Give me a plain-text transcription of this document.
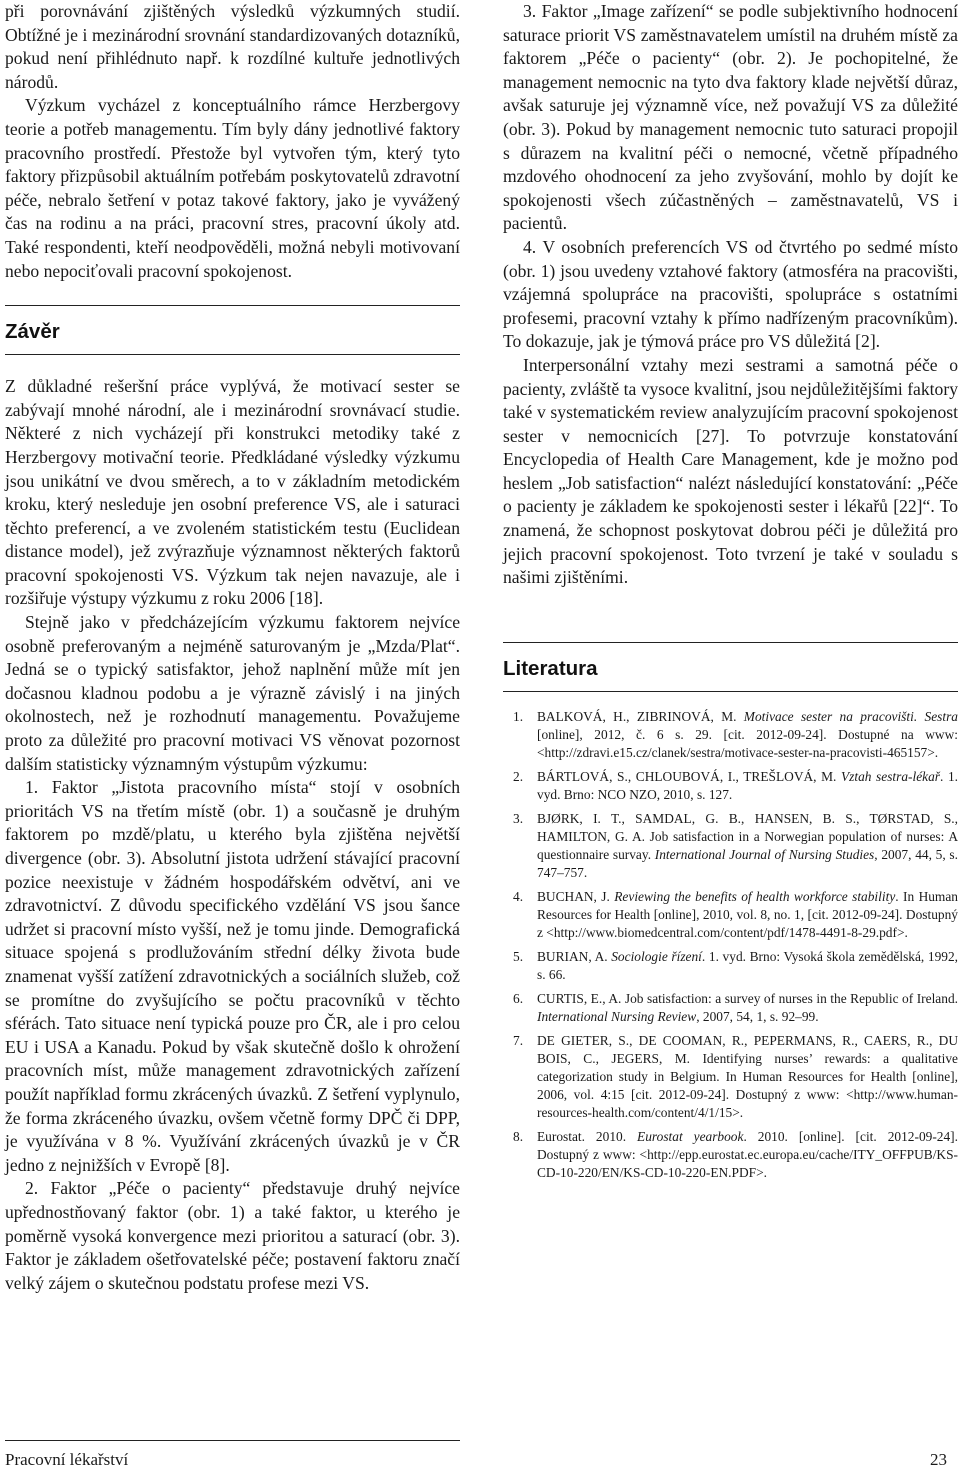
při porovnávání zjištěných výsledků výzkumných studií. Obtížné je i mezinárodní srovnání standardizovaných dotazníků, pokud není přihlédnuto např. k rozdílné kultuře jednotlivých národů.

Výzkum vycházel z konceptuálního rámce Herzbergovy teorie a potřeb managementu. Tím byly dány jednotlivé faktory pracovního prostředí. Přestože byl vytvořen tým, který tyto faktory přizpůsobil aktuálním potřebám poskytovatelů zdravotní péče, nebralo šetření v potaz takové faktory, jako je vyvážený čas na rodinu a na práci, pracovní stres, pracovní úkoly atd. Také respondenti, kteří neodpověděli, možná nebyli motivovaní nebo nepociťovali pracovní spokojenost.

Závěr

Z důkladné rešeršní práce vyplývá, že motivací sester se zabývají mnohé národní, ale i mezinárodní srovnávací studie. Některé z nich vycházejí při konstrukci metodiky také z Herzbergovy motivační teorie. Předkládané výsledky výzkumu jsou unikátní ve dvou směrech, a to v základním metodickém kroku, který nesleduje jen osobní preference VS, ale i saturaci těchto preferencí, a ve zvoleném statistickém testu (Euclidean distance model), jež zvýrazňuje významnost některých faktorů pracovní spokojenosti VS. Výzkum tak nejen navazuje, ale i rozšiřuje výstupy výzkumu z roku 2006 [18].

Stejně jako v předcházejícím výzkumu faktorem nejvíce osobně preferovaným a nejméně saturovaným je „Mzda/Plat“. Jedná se o typický satisfaktor, jehož naplnění může mít jen dočasnou kladnou podobu a je výrazně závislý i na jiných okolnostech, než je rozhodnutí managementu. Považujeme proto za důležité pro pracovní motivaci VS věnovat pozornost dalším statisticky významným výstupům výzkumu:

1. Faktor „Jistota pracovního místa“ stojí v osobních prioritách VS na třetím místě (obr. 1) a současně je druhým faktorem po mzdě/platu, u kterého byla zjištěna největší divergence (obr. 3). Absolutní jistota udržení stávající pracovní pozice neexistuje v žádném hospodářském odvětví, ani ve zdravotnictví. Z důvodu specifického vzdělání VS jsou šance udržet si pracovní místo vyšší, než je tomu jinde. Demografická situace spojená s prodlužováním střední délky života bude znamenat vyšší zatížení zdravotnických a sociálních služeb, což se promítne do zvyšujícího se počtu pracovníků v těchto sférách. Tato situace není typická pouze pro ČR, ale i pro celou EU i USA a Kanadu. Pokud by však skutečně došlo k ohrožení pracovních míst, může management zdravotnických zařízení použít například formu zkrácených úvazků. Z šetření vyplynulo, že forma zkráceného úvazku, ovšem včetně formy DPČ či DPP, je využívána v 8 %. Využívání zkrácených úvazků je v ČR jedno z nejnižších v Evropě [8].

2. Faktor „Péče o pacienty“ představuje druhý nejvíce upřednostňovaný faktor (obr. 1) a také faktor, u kterého je poměrně vysoká konvergence mezi prioritou a saturací (obr. 3). Faktor je základem ošetřovatelské péče; postavení faktoru značí velký zájem o skutečnou podstatu profese mezi VS.

3. Faktor „Image zařízení“ se podle subjektivního hodnocení saturace priorit VS zaměstnavatelem umístil na druhém místě za faktorem „Péče o pacienty“ (obr. 2). Je pochopitelné, že management nemocnic na tyto dva faktory klade největší důraz, avšak saturuje jej významně více, než považují VS za důležité (obr. 3). Pokud by management nemocnic tuto saturaci propojil s důrazem na kvalitní péči o nemocné, včetně případného mzdového ohodnocení za jeho zvyšování, mohlo by dojít ke spokojenosti všech zúčastněných – zaměstnavatelů, VS i pacientů.

4. V osobních preferencích VS od čtvrtého po sedmé místo (obr. 1) jsou uvedeny vztahové faktory (atmosféra na pracovišti, vzájemná spolupráce na pracovišti, spolupráce s ostatními profesemi, pracovní vztahy k přímo nadřízeným pracovníkům). To dokazuje, jak je týmová práce pro VS důležitá [2].

Interpersonální vztahy mezi sestrami a samotná péče o pacienty, zvláště ta vysoce kvalitní, jsou nejdůležitějšími faktory také v systematickém review analyzujícím pracovní spokojenost sester v nemocnicích [27]. To potvrzuje konstatování Encyclopedia of Health Care Management, kde je možno pod heslem „Job satisfaction“ nalézt následující konstatování: „Péče o pacienty je základem ke spokojenosti sester i lékařů [22]“. To znamená, že schopnost poskytovat dobrou péči je důležitá pro jejich pracovní spokojenost. Toto tvrzení je také v souladu s našimi zjištěními.

Literatura
1.	BALKOVÁ, H., ZIBRINOVÁ, M. Motivace sester na pracovišti. Sestra [online], 2012, č. 6 s. 29. [cit. 2012-09-24]. Dostupné na www: <http://zdravi.e15.cz/clanek/sestra/motivace-sester-na-pracovisti-465157>.
2.	BÁRTLOVÁ, S., CHLOUBOVÁ, I., TREŠLOVÁ, M. Vztah sestra-lékař. 1. vyd. Brno: NCO NZO, 2010, s. 127.
3.	BJØRK, I. T., SAMDAL, G. B., HANSEN, B. S., TØRSTAD, S., HAMILTON, G. A. Job satisfaction in a Norwegian population of nurses: A questionnaire survay. International Journal of Nursing Studies, 2007, 44, 5, s. 747–757.
4.	BUCHAN, J. Reviewing the benefits of health workforce stability. In Human Resources for Health [online], 2010, vol. 8, no. 1, [cit. 2012-09-24]. Dostupný z <http://www.biomedcentral.com/content/pdf/1478-4491-8-29.pdf>.
5.	BURIAN, A. Sociologie řízení. 1. vyd. Brno: Vysoká škola zemědělská, 1992, s. 66.
6.	CURTIS, E., A. Job satisfaction: a survey of nurses in the Republic of Ireland. International Nursing Review, 2007, 54, 1, s. 92–99.
7.	DE GIETER, S., DE COOMAN, R., PEPERMANS, R., CAERS, R., DU BOIS, C., JEGERS, M. Identifying nurses’ rewards: a qualitative categorization study in Belgium. In Human Resources for Health [online], 2006, vol. 4:15 [cit. 2012-09-24]. Dostupný z www: <http://www.human-resources-health.com/content/4/1/15>.
8.	Eurostat. 2010. Eurostat yearbook. 2010. [online]. [cit. 2012-09-24]. Dostupný z www: <http://epp.eurostat.ec.europa.eu/cache/ITY_OFFPUB/KS-CD-10-220/EN/KS-CD-10-220-EN.PDF>.
Pracovní lékařství	23
